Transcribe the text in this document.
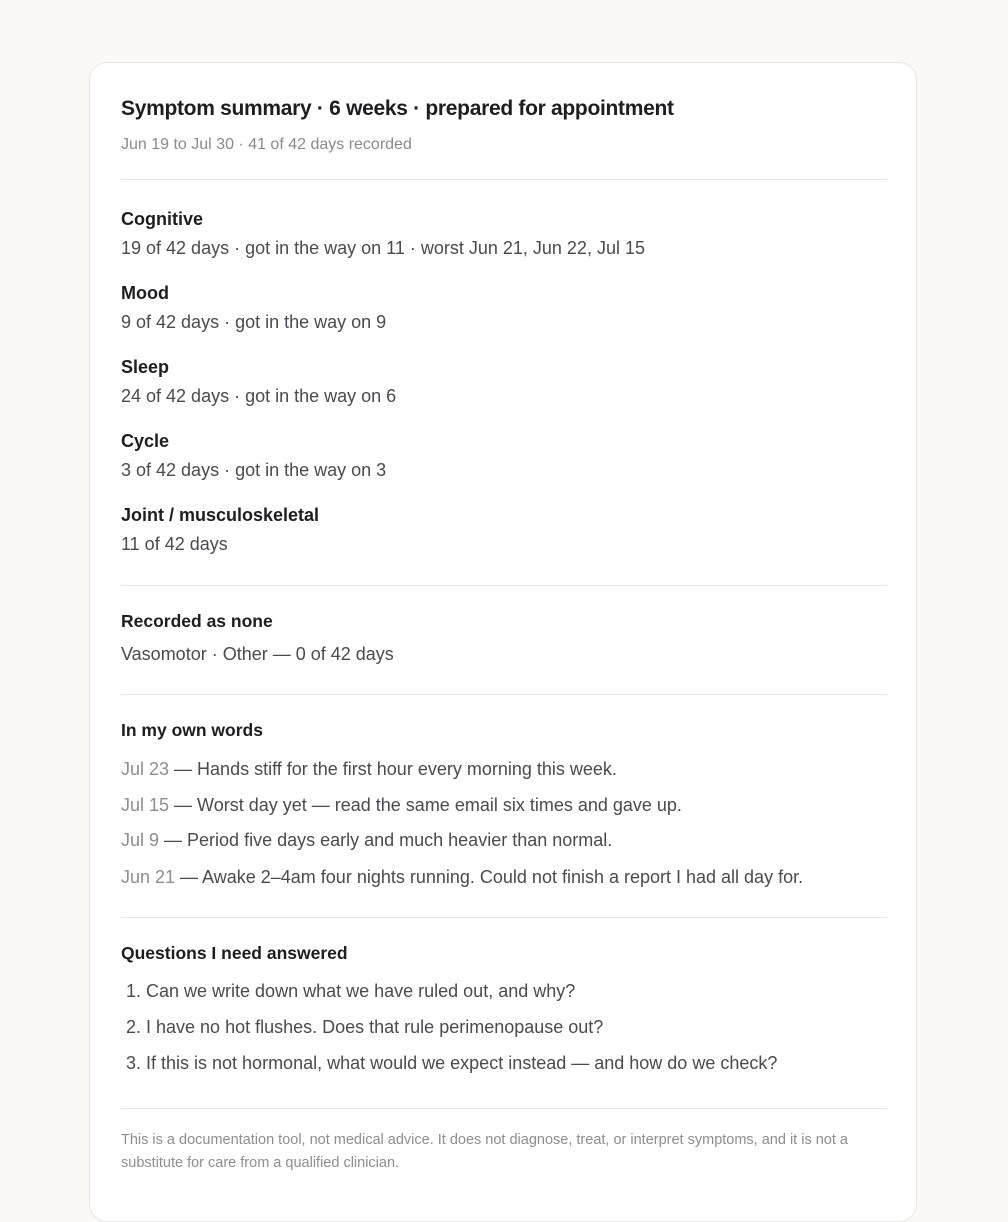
Symptom summary · 6 weeks · prepared for appointment
Jun 19 to Jul 30 · 41 of 42 days recorded
Cognitive
19 of 42 days · got in the way on 11 · worst Jun 21, Jun 22, Jul 15
Mood
9 of 42 days · got in the way on 9
Sleep
24 of 42 days · got in the way on 6
Cycle
3 of 42 days · got in the way on 3
Joint / musculoskeletal
11 of 42 days
Recorded as none
Vasomotor · Other — 0 of 42 days
In my own words
Jul 23 — Hands stiff for the first hour every morning this week.
Jul 15 — Worst day yet — read the same email six times and gave up.
Jul 9 — Period five days early and much heavier than normal.
Jun 21 — Awake 2–4am four nights running. Could not finish a report I had all day for.
Questions I need answered
1. Can we write down what we have ruled out, and why?
2. I have no hot flushes. Does that rule perimenopause out?
3. If this is not hormonal, what would we expect instead — and how do we check?
This is a documentation tool, not medical advice. It does not diagnose, treat, or interpret symptoms, and it is not a substitute for care from a qualified clinician.
